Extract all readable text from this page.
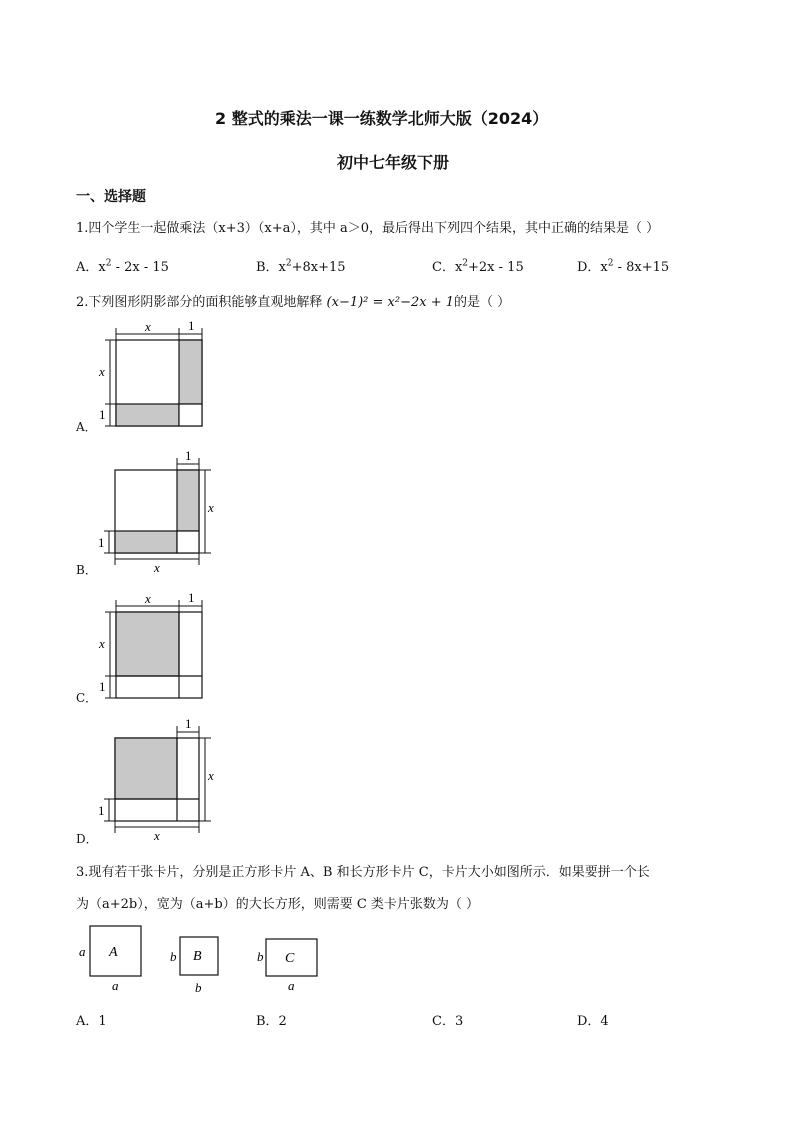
2 整式的乘法一课一练数学北师大版（2024）
初中七年级下册
一、选择题
1.四个学生一起做乘法（x+3）（x+a），其中 a＞0，最后得出下列四个结果，其中正确的结果是（ ）
A．$x^2 - 2x - 15$	B．$x^2+8x+15$	C．$x^2+2x - 15$	D．$x^2 - 8x+15$
2.下列图形阴影部分的面积能够直观地解释 (x−1)² = x²−2x + 1的是（ ）
x	1
x
1
A．
1
x
1
x
B．
x	1
x
1
C．
1
x
1
x
D．
3.现有若干张卡片，分别是正方形卡片 A、B 和长方形卡片 C，卡片大小如图所示．如果要拼一个长
为（a+2b），宽为（a+b）的大长方形，则需要 C 类卡片张数为（ ）
A
a
a
B
b
b
C
b
a
A．1	B．2	C．3	D．4
